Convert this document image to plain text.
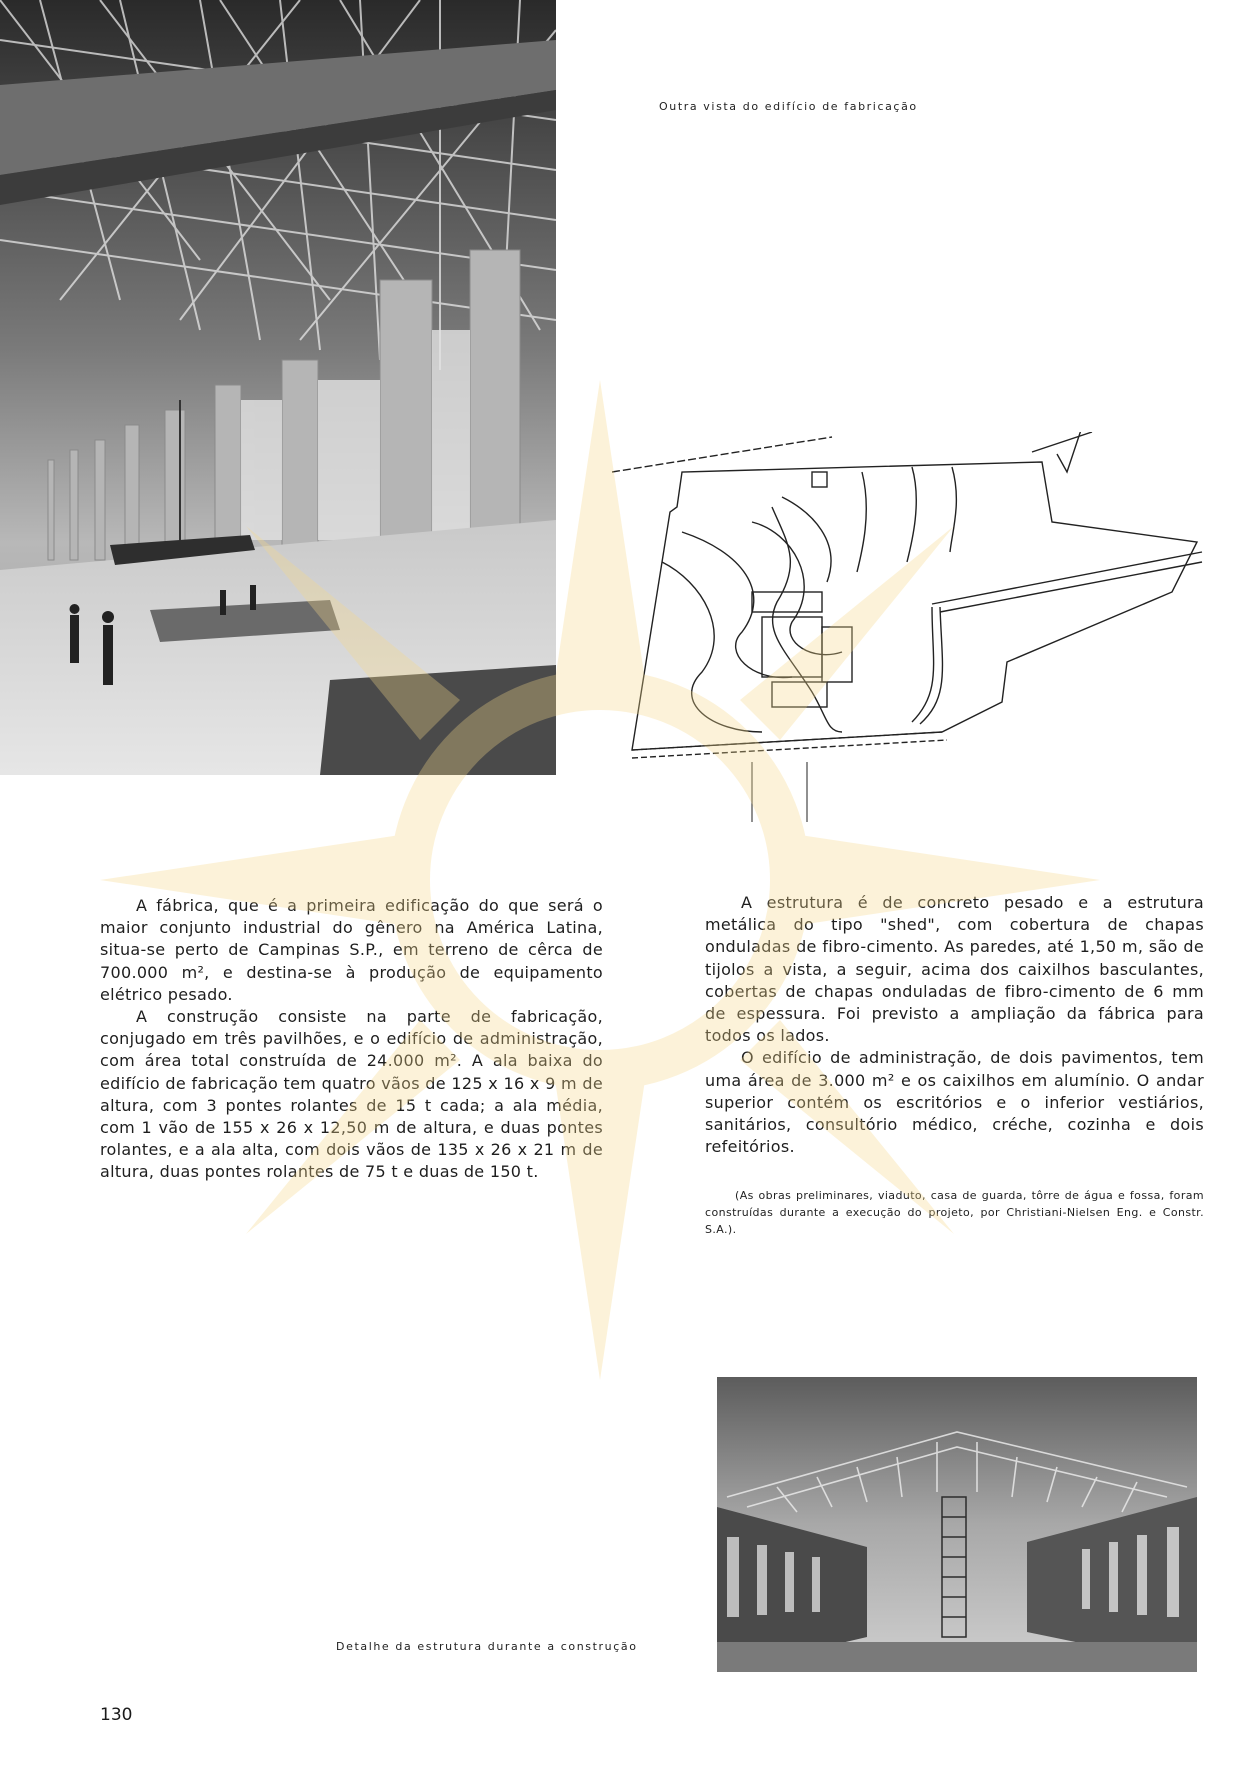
Outra vista do edifício de fabricação

A fábrica, que é a primeira edificação do que será o maior conjunto industrial do gênero na América Latina, situa-se perto de Campinas S.P., em terreno de cêrca de 700.000 m², e destina-se à produção de equipamento elétrico pesado.

A construção consiste na parte de fabricação, conjugado em três pavilhões, e o edifício de administração, com área total construída de 24.000 m². A ala baixa do edifício de fabricação tem quatro vãos de 125 x 16 x 9 m de altura, com 3 pontes rolantes de 15 t cada; a ala média, com 1 vão de 155 x 26 x 12,50 m de altura, e duas pontes rolantes, e a ala alta, com dois vãos de 135 x 26 x 21 m de altura, duas pontes rolantes de 75 t e duas de 150 t.

A estrutura é de concreto pesado e a estrutura metálica do tipo "shed", com cobertura de chapas onduladas de fibro-cimento. As paredes, até 1,50 m, são de tijolos a vista, a seguir, acima dos caixilhos basculantes, cobertas de chapas onduladas de fibro-cimento de 6 mm de espessura. Foi previsto a ampliação da fábrica para todos os lados.

O edifício de administração, de dois pavimentos, tem uma área de 3.000 m² e os caixilhos em alumínio. O andar superior contém os escritórios e o inferior vestiários, sanitários, consultório médico, créche, cozinha e dois refeitórios.

(As obras preliminares, viaduto, casa de guarda, tôrre de água e fossa, foram construídas durante a execução do projeto, por Christiani-Nielsen Eng. e Constr. S.A.).

Detalhe da estrutura durante a construção
130
